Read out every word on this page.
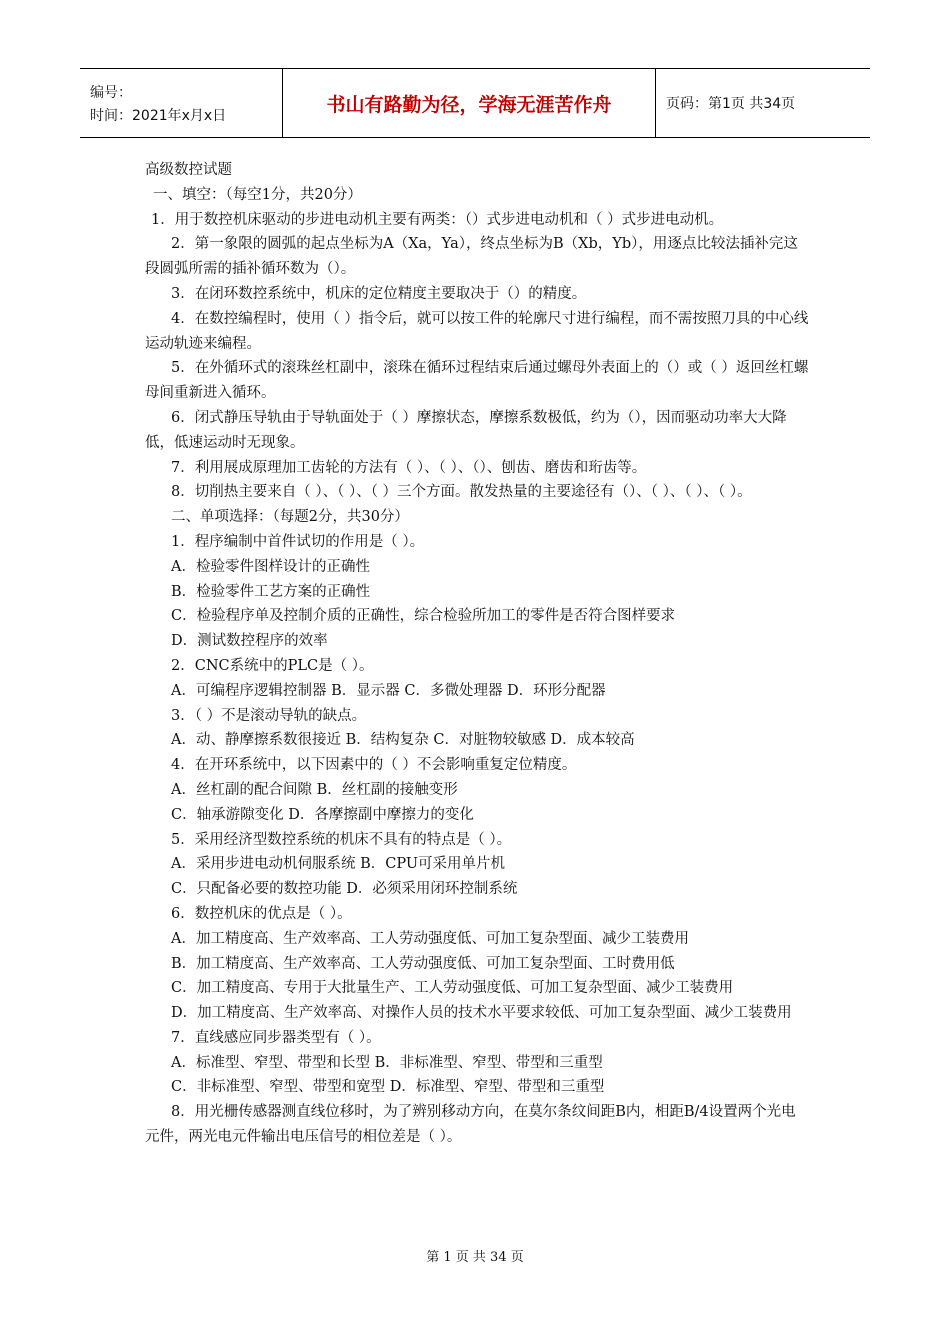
编号：
时间：2021年x月x日	书山有路勤为径，学海无涯苦作舟	页码：第1页 共34页

高级数控试题

一、填空：（每空1分，共20分）

1．用于数控机床驱动的步进电动机主要有两类：（）式步进电动机和（ ）式步进电动机。

2．第一象限的圆弧的起点坐标为A（Xa，Ya），终点坐标为B（Xb，Yb），用逐点比较法插补完这段圆弧所需的插补循环数为（）。

3．在闭环数控系统中，机床的定位精度主要取决于（）的精度。

4．在数控编程时，使用（ ）指令后，就可以按工件的轮廓尺寸进行编程，而不需按照刀具的中心线运动轨迹来编程。

5．在外循环式的滚珠丝杠副中，滚珠在循环过程结束后通过螺母外表面上的（）或（ ）返回丝杠螺母间重新进入循环。

6．闭式静压导轨由于导轨面处于（ ）摩擦状态，摩擦系数极低，约为（），因而驱动功率大大降低，低速运动时无现象。

7．利用展成原理加工齿轮的方法有（ ）、（ ）、（）、刨齿、磨齿和珩齿等。

8．切削热主要来自（ ）、（ ）、（ ）三个方面。散发热量的主要途径有（）、（ ）、（ ）、（ ）。

二、单项选择：（每题2分，共30分）

1．程序编制中首件试切的作用是（ ）。

A．检验零件图样设计的正确性

B．检验零件工艺方案的正确性

C．检验程序单及控制介质的正确性，综合检验所加工的零件是否符合图样要求

D．测试数控程序的效率

2．CNC系统中的PLC是（ ）。

A．可编程序逻辑控制器 B．显示器 C．多微处理器 D．环形分配器

3．（ ）不是滚动导轨的缺点。

A．动、静摩擦系数很接近 B．结构复杂 C．对脏物较敏感 D．成本较高

4．在开环系统中，以下因素中的（ ）不会影响重复定位精度。

A．丝杠副的配合间隙 B．丝杠副的接触变形

C．轴承游隙变化 D．各摩擦副中摩擦力的变化

5．采用经济型数控系统的机床不具有的特点是（ ）。

A．采用步进电动机伺服系统 B．CPU可采用单片机

C．只配备必要的数控功能 D．必须采用闭环控制系统

6．数控机床的优点是（ ）。

A．加工精度高、生产效率高、工人劳动强度低、可加工复杂型面、减少工装费用

B．加工精度高、生产效率高、工人劳动强度低、可加工复杂型面、工时费用低

C．加工精度高、专用于大批量生产、工人劳动强度低、可加工复杂型面、减少工装费用

D．加工精度高、生产效率高、对操作人员的技术水平要求较低、可加工复杂型面、减少工装费用

7．直线感应同步器类型有（ ）。

A．标准型、窄型、带型和长型 B．非标准型、窄型、带型和三重型

C．非标准型、窄型、带型和宽型 D．标准型、窄型、带型和三重型

8．用光栅传感器测直线位移时，为了辨别移动方向，在莫尔条纹间距B内，相距B/4设置两个光电元件，两光电元件输出电压信号的相位差是（ ）。

第 1 页 共 34 页
